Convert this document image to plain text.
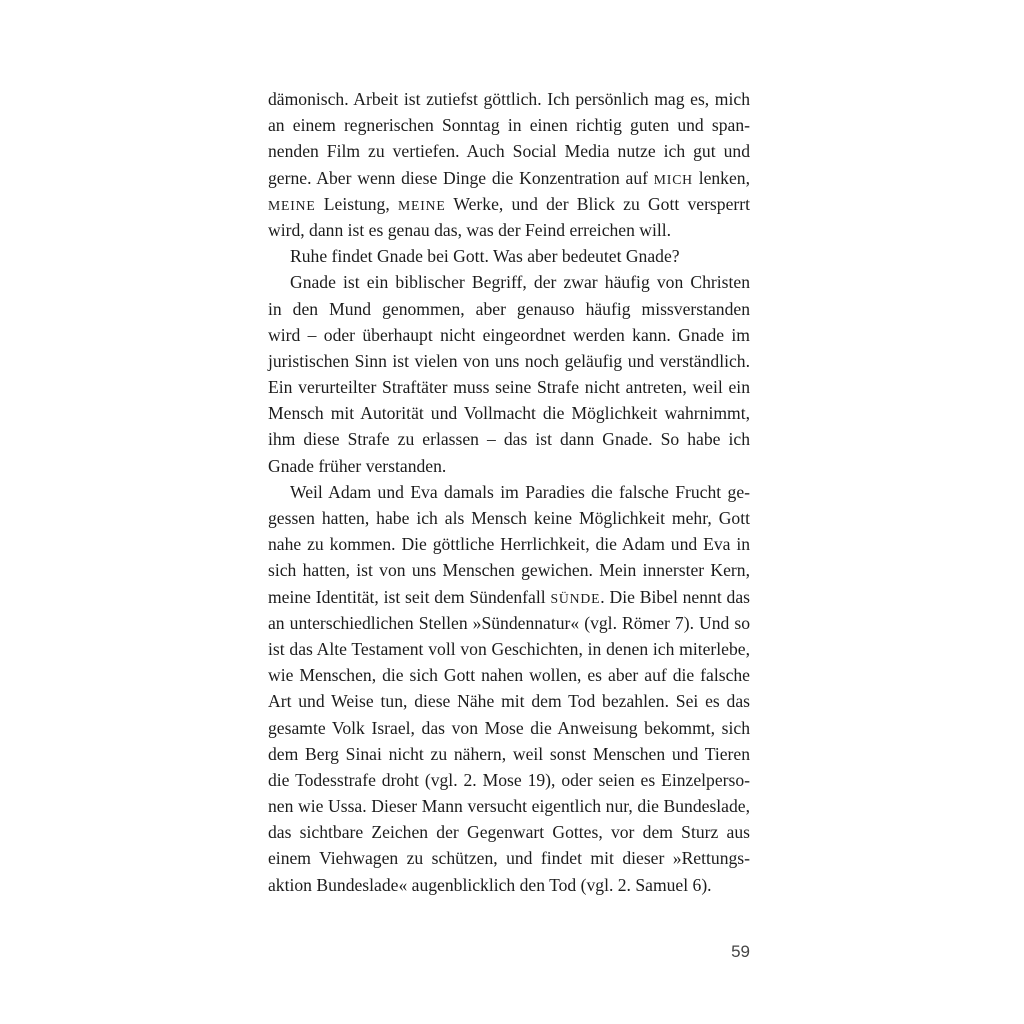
dämonisch. Arbeit ist zutiefst göttlich. Ich persönlich mag es, mich
an einem regnerischen Sonntag in einen richtig guten und span-
nenden Film zu vertiefen. Auch Social Media nutze ich gut und
gerne. Aber wenn diese Dinge die Konzentration auf MICH lenken,
MEINE Leistung, MEINE Werke, und der Blick zu Gott versperrt
wird, dann ist es genau das, was der Feind erreichen will.
Ruhe findet Gnade bei Gott. Was aber bedeutet Gnade?
Gnade ist ein biblischer Begriff, der zwar häufig von Christen
in den Mund genommen, aber genauso häufig missverstanden
wird – oder überhaupt nicht eingeordnet werden kann. Gnade im
juristischen Sinn ist vielen von uns noch geläufig und verständlich.
Ein verurteilter Straftäter muss seine Strafe nicht antreten, weil ein
Mensch mit Autorität und Vollmacht die Möglichkeit wahrnimmt,
ihm diese Strafe zu erlassen – das ist dann Gnade. So habe ich
Gnade früher verstanden.
Weil Adam und Eva damals im Paradies die falsche Frucht ge-
gessen hatten, habe ich als Mensch keine Möglichkeit mehr, Gott
nahe zu kommen. Die göttliche Herrlichkeit, die Adam und Eva in
sich hatten, ist von uns Menschen gewichen. Mein innerster Kern,
meine Identität, ist seit dem Sündenfall SÜNDE. Die Bibel nennt das
an unterschiedlichen Stellen »Sündennatur« (vgl. Römer 7). Und so
ist das Alte Testament voll von Geschichten, in denen ich miterlebe,
wie Menschen, die sich Gott nahen wollen, es aber auf die falsche
Art und Weise tun, diese Nähe mit dem Tod bezahlen. Sei es das
gesamte Volk Israel, das von Mose die Anweisung bekommt, sich
dem Berg Sinai nicht zu nähern, weil sonst Menschen und Tieren
die Todesstrafe droht (vgl. 2. Mose 19), oder seien es Einzelperso-
nen wie Ussa. Dieser Mann versucht eigentlich nur, die Bundeslade,
das sichtbare Zeichen der Gegenwart Gottes, vor dem Sturz aus
einem Viehwagen zu schützen, und findet mit dieser »Rettungs-
aktion Bundeslade« augenblicklich den Tod (vgl. 2. Samuel 6).
59
